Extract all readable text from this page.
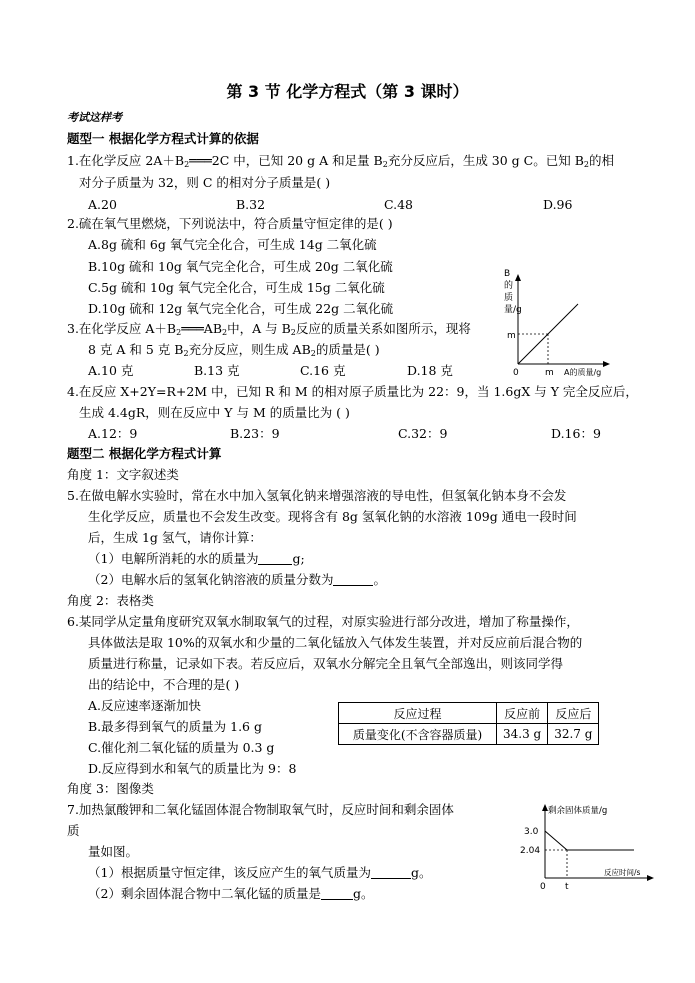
第 3 节 化学方程式（第 3 课时）
考试这样考
题型一 根据化学方程式计算的依据
1.在化学反应 $2A+B_2═══2C$ 中，已知 20 g A 和足量 $B_2$充分反应后，生成 30 g C。已知 $B_2$的相
对分子质量为 32，则 C 的相对分子质量是( )
A.20	B.32	C.48	D.96
2.硫在氧气里燃烧，下列说法中，符合质量守恒定律的是( )
A.8g 硫和 6g 氧气完全化合，可生成 14g 二氧化硫
B.10g 硫和 10g 氧气完全化合，可生成 20g 二氧化硫
C.5g 硫和 10g 氧气完全化合，可生成 15g 二氧化硫
D.10g 硫和 12g 氧气完全化合，可生成 22g 二氧化硫
B
的
质
量/g
m
0	m A的质量/g
3.在化学反应 $A+B_2═══AB_2$中，A 与 $B_2$反应的质量关系如图所示，现将
8 克 A 和 5 克 $B_2$充分反应，则生成 $AB_2$的质量是( )
A.10 克	B.13 克	C.16 克	D.18 克
4.在反应 X+2Y=R+2M 中，已知 R 和 M 的相对原子质量比为 22：9，当 1.6gX 与 Y 完全反应后，
生成 4.4gR，则在反应中 Y 与 M 的质量比为 ( )
A.12：9	B.23：9	C.32：9	D.16：9
题型二 根据化学方程式计算
角度 1：文字叙述类
5.在做电解水实验时，常在水中加入氢氧化钠来增强溶液的导电性，但氢氧化钠本身不会发
生化学反应，质量也不会发生改变。现将含有 8g 氢氧化钠的水溶液 109g 通电一段时间
后，生成 1g 氢气，请你计算：
（1）电解所消耗的水的质量为	g;
（2）电解水后的氢氧化钠溶液的质量分数为	。
角度 2：表格类
6.某同学从定量角度研究双氧水制取氧气的过程，对原实验进行部分改进，增加了称量操作，
具体做法是取 10%的双氧水和少量的二氧化锰放入气体发生装置，并对反应前后混合物的
质量进行称量，记录如下表。若反应后，双氧水分解完全且氧气全部逸出，则该同学得
出的结论中，不合理的是( )
A.反应速率逐渐加快
B.最多得到氧气的质量为 1.6 g
C.催化剂二氧化锰的质量为 0.3 g
D.反应得到水和氧气的质量比为 9：8
反应过程	反应前	反应后
质量变化(不含容器质量)	34.3 g	32.7 g
角度 3：图像类
7.加热氯酸钾和二氧化锰固体混合物制取氧气时，反应时间和剩余固体
质
量如图。
（1）根据质量守恒定律，该反应产生的氧气质量为	g。
（2）剩余固体混合物中二氧化锰的质量是	g。
剩余固体质量/g
3.0
2.04
0 t
反应时间/s
